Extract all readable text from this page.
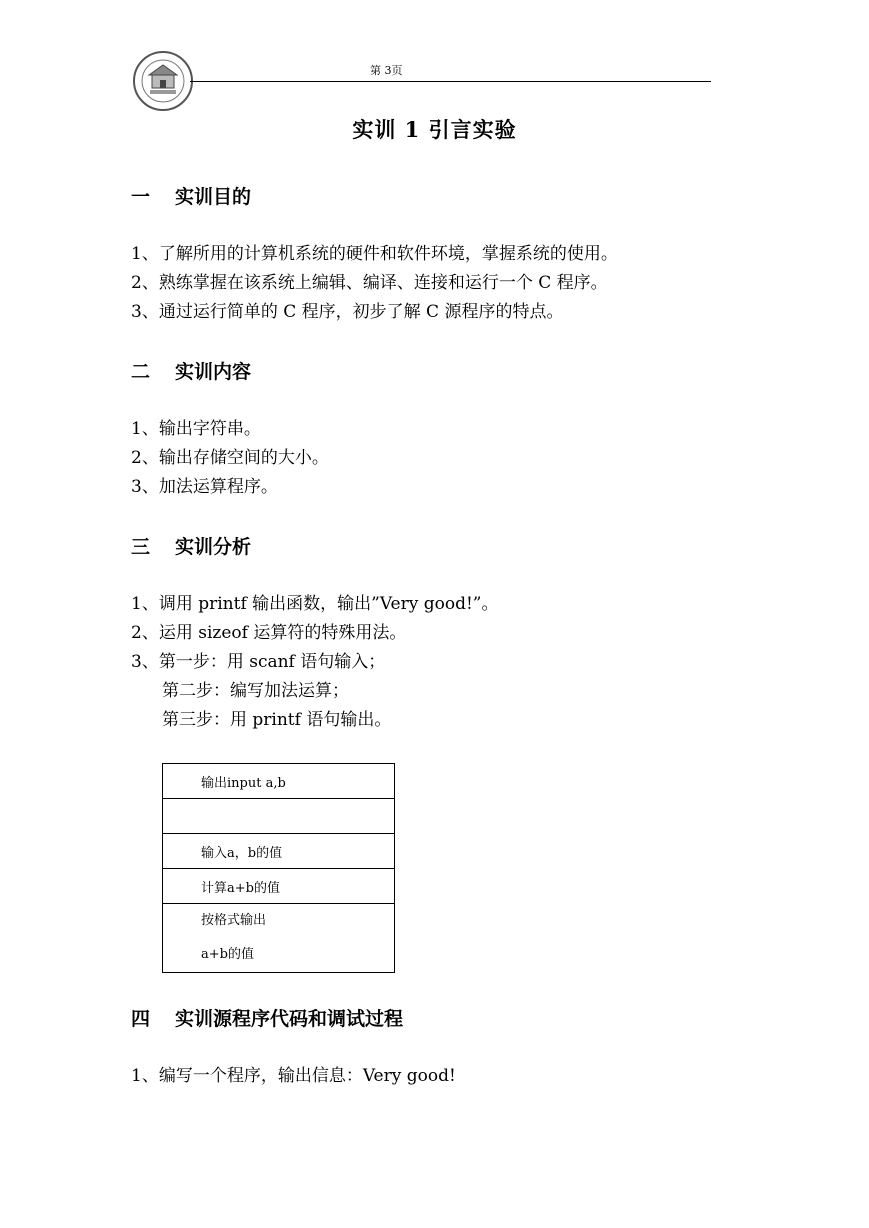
第 3页
实训 1 引言实验
一 实训目的
1、了解所用的计算机系统的硬件和软件环境，掌握系统的使用。
2、熟练掌握在该系统上编辑、编译、连接和运行一个 C 程序。
3、通过运行简单的 C 程序，初步了解 C 源程序的特点。
二 实训内容
1、输出字符串。
2、输出存储空间的大小。
3、加法运算程序。
三 实训分析
1、调用 printf 输出函数，输出”Very good!”。
2、运用 sizeof 运算符的特殊用法。
3、第一步：用 scanf 语句输入；
第二步：编写加法运算；
第三步：用 printf 语句输出。
输出input a,b

输入a，b的值
计算a+b的值

按格式输出
a+b的值
四 实训源程序代码和调试过程
1、编写一个程序，输出信息：Very good!
